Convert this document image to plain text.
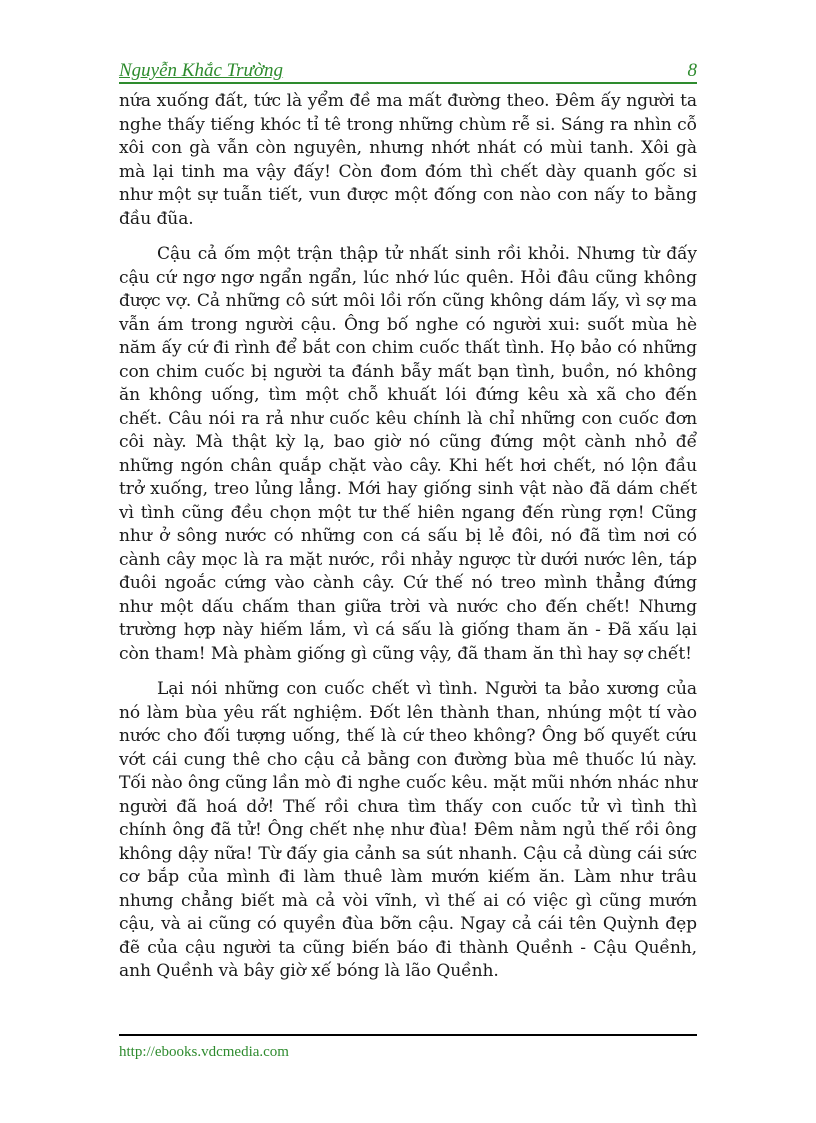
Nguyễn Khắc Trường	8

nứa xuống đất, tức là yểm đề ma mất đường theo. Đêm ấy người ta nghe thấy tiếng khóc tỉ tê trong những chùm rễ si. Sáng ra nhìn cỗ xôi con gà vẫn còn nguyên, nhưng nhớt nhát có mùi tanh. Xôi gà mà lại tinh ma vậy đấy! Còn đom đóm thì chết dày quanh gốc si như một sự tuẫn tiết, vun được một đống con nào con nấy to bằng đầu đũa.

Cậu cả ốm một trận thập tử nhất sinh rồi khỏi. Nhưng từ đấy cậu cứ ngơ ngơ ngẩn ngẩn, lúc nhớ lúc quên. Hỏi đâu cũng không được vợ. Cả những cô sứt môi lồi rốn cũng không dám lấy, vì sợ ma vẫn ám trong người cậu. Ông bố nghe có người xui: suốt mùa hè năm ấy cứ đi rình để bắt con chim cuốc thất tình. Họ bảo có những con chim cuốc bị người ta đánh bẫy mất bạn tình, buồn, nó không ăn không uống, tìm một chỗ khuất lói đứng kêu xà xã cho đến chết. Câu nói ra rả như cuốc kêu chính là chỉ những con cuốc đơn côi này. Mà thật kỳ lạ, bao giờ nó cũng đứng một cành nhỏ để những ngón chân quắp chặt vào cây. Khi hết hơi chết, nó lộn đầu trở xuống, treo lủng lẳng. Mới hay giống sinh vật nào đã dám chết vì tình cũng đều chọn một tư thế hiên ngang đến rùng rợn! Cũng như ở sông nước có những con cá sấu bị lẻ đôi, nó đã tìm nơi có cành cây mọc là ra mặt nước, rồi nhảy ngược từ dưới nước lên, táp đuôi ngoắc cứng vào cành cây. Cứ thế nó treo mình thẳng đứng như một dấu chấm than giữa trời và nước cho đến chết! Nhưng trường hợp này hiếm lắm, vì cá sấu là giống tham ăn - Đã xấu lại còn tham! Mà phàm giống gì cũng vậy, đã tham ăn thì hay sợ chết!

Lại nói những con cuốc chết vì tình. Người ta bảo xương của nó làm bùa yêu rất nghiệm. Đốt lên thành than, nhúng một tí vào nước cho đối tượng uống, thế là cứ theo không? Ông bố quyết cứu vớt cái cung thê cho cậu cả bằng con đường bùa mê thuốc lú này. Tối nào ông cũng lần mò đi nghe cuốc kêu. mặt mũi nhớn nhác như người đã hoá dở! Thế rồi chưa tìm thấy con cuốc tử vì tình thì chính ông đã tử! Ông chết nhẹ như đùa! Đêm nằm ngủ thế rồi ông không dậy nữa! Từ đấy gia cảnh sa sút nhanh. Cậu cả dùng cái sức cơ bắp của mình đi làm thuê làm mướn kiếm ăn. Làm như trâu nhưng chẳng biết mà cả vòi vĩnh, vì thế ai có việc gì cũng mướn cậu, và ai cũng có quyền đùa bỡn cậu. Ngay cả cái tên Quỳnh đẹp đẽ của cậu người ta cũng biến báo đi thành Quềnh - Cậu Quềnh, anh Quềnh và bây giờ xế bóng là lão Quềnh.

http://ebooks.vdcmedia.com
